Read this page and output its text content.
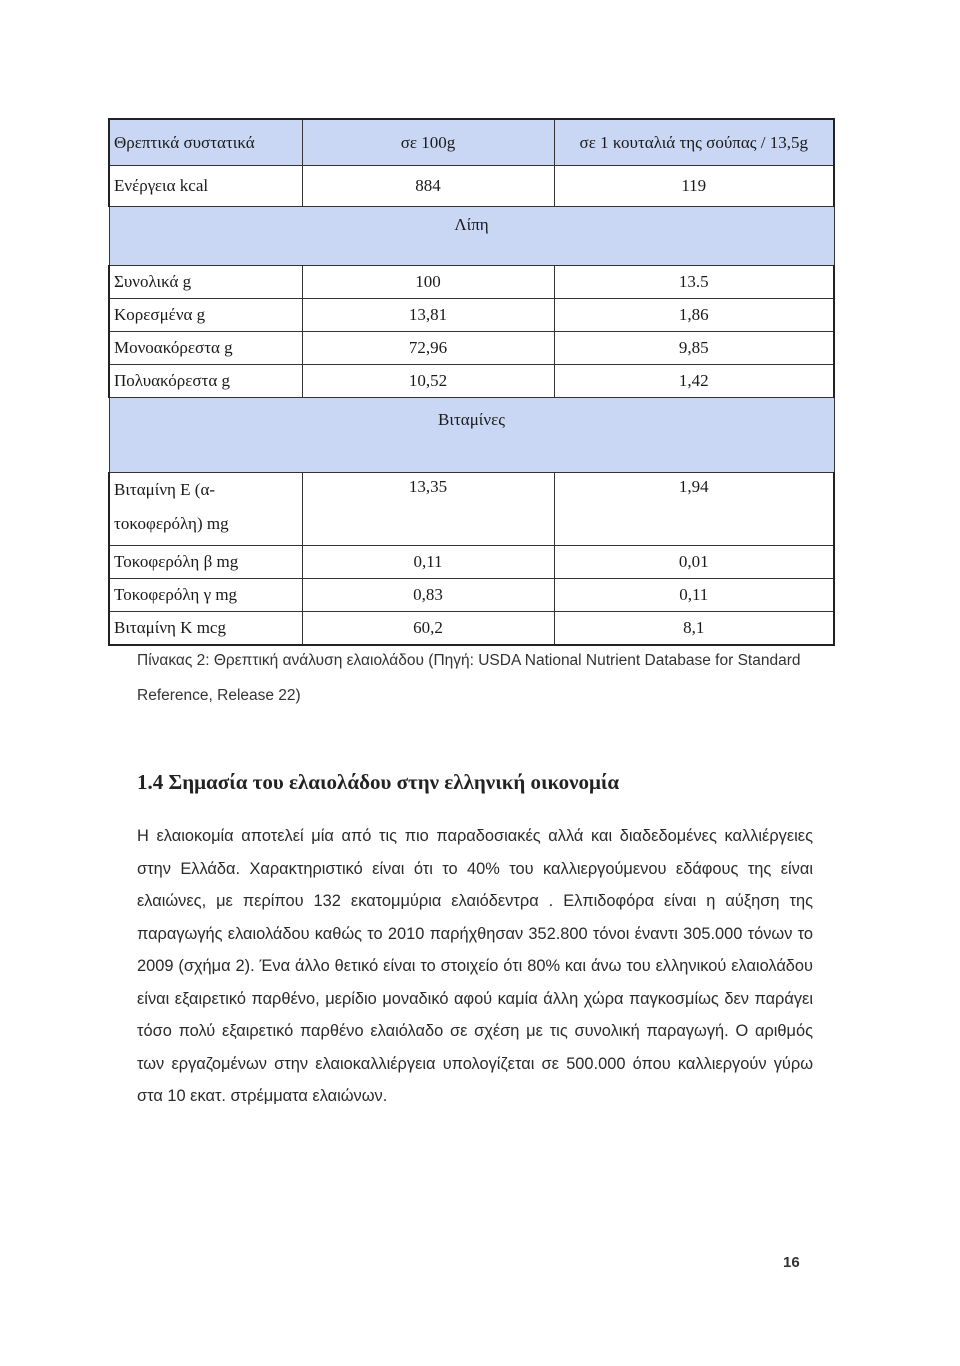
Θρεπτικά συστατικά	σε 100g	σε 1 κουταλιά της σούπας / 13,5g
Ενέργεια kcal	884	119
Λίπη		
Συνολικά g	100	13.5
Κορεσμένα g	13,81	1,86
Μονοακόρεστα g	72,96	9,85
Πολυακόρεστα g	10,52	1,42
Βιταμίνες		
Βιταμίνη Ε (α-τοκοφερόλη) mg	13,35	1,94
Τοκοφερόλη β mg	0,11	0,01
Τοκοφερόλη γ mg	0,83	0,11
Βιταμίνη Κ mcg	60,2	8,1
Πίνακας 2: Θρεπτική ανάλυση ελαιολάδου (Πηγή: USDA National Nutrient Database for Standard Reference, Release 22)
1.4 Σημασία του ελαιολάδου στην ελληνική οικονομία

Η ελαιοκομία αποτελεί μία από τις πιο παραδοσιακές αλλά και διαδεδομένες καλλιέργειες στην Ελλάδα. Χαρακτηριστικό είναι ότι το 40% του καλλιεργούμενου εδάφους της είναι ελαιώνες, με περίπου 132 εκατομμύρια ελαιόδεντρα . Ελπιδοφόρα είναι η αύξηση της παραγωγής ελαιολάδου καθώς το 2010 παρήχθησαν 352.800 τόνοι έναντι 305.000 τόνων το 2009 (σχήμα 2). Ένα άλλο θετικό είναι το στοιχείο ότι 80% και άνω του ελληνικού ελαιολάδου είναι εξαιρετικό παρθένο, μερίδιο μοναδικό αφού καμία άλλη χώρα παγκοσμίως δεν παράγει τόσο πολύ εξαιρετικό παρθένο ελαιόλαδο σε σχέση με τις συνολική παραγωγή. Ο αριθμός των εργαζομένων στην ελαιοκαλλιέργεια υπολογίζεται σε 500.000 όπου καλλιεργούν γύρω στα 10 εκατ. στρέμματα ελαιώνων.

16
